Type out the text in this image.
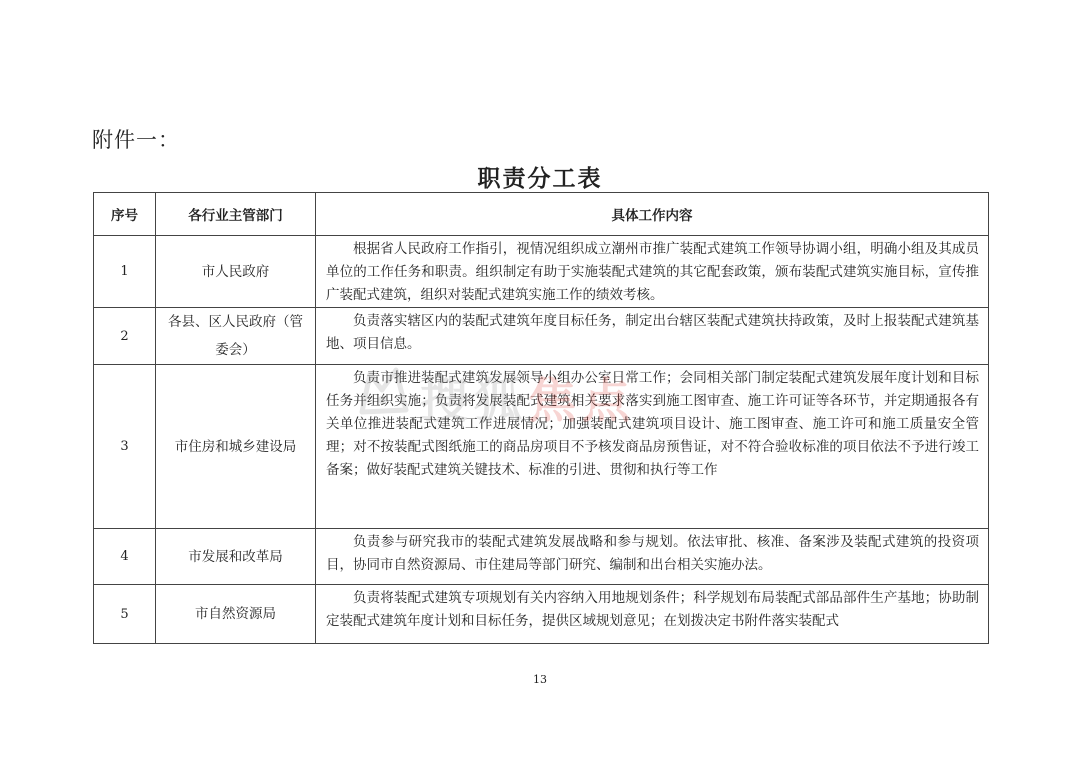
附件一：
职责分工表
序号	各行业主管部门	具体工作内容
1	市人民政府	根据省人民政府工作指引，视情况组织成立潮州市推广装配式建筑工作领导协调小组，明确小组及其成员单位的工作任务和职责。组织制定有助于实施装配式建筑的其它配套政策，颁布装配式建筑实施目标，宣传推广装配式建筑，组织对装配式建筑实施工作的绩效考核。

2	各县、区人民政府（管委会）	负责落实辖区内的装配式建筑年度目标任务，制定出台辖区装配式建筑扶持政策，及时上报装配式建筑基地、项目信息。

3	市住房和城乡建设局	负责市推进装配式建筑发展领导小组办公室日常工作；会同相关部门制定装配式建筑发展年度计划和目标任务并组织实施；负责将发展装配式建筑相关要求落实到施工图审查、施工许可证等各环节，并定期通报各有关单位推进装配式建筑工作进展情况；加强装配式建筑项目设计、施工图审查、施工许可和施工质量安全管理；对不按装配式图纸施工的商品房项目不予核发商品房预售证，对不符合验收标准的项目依法不予进行竣工备案；做好装配式建筑关键技术、标准的引进、贯彻和执行等工作

4	市发展和改革局	负责参与研究我市的装配式建筑发展战略和参与规划。依法审批、核准、备案涉及装配式建筑的投资项目，协同市自然资源局、市住建局等部门研究、编制和出台相关实施办法。

5	市自然资源局	负责将装配式建筑专项规划有关内容纳入用地规划条件；科学规划布局装配式部品部件生产基地；协助制定装配式建筑年度计划和目标任务，提供区域规划意见；在划拨决定书附件落实装配式

搜狐焦点
13
